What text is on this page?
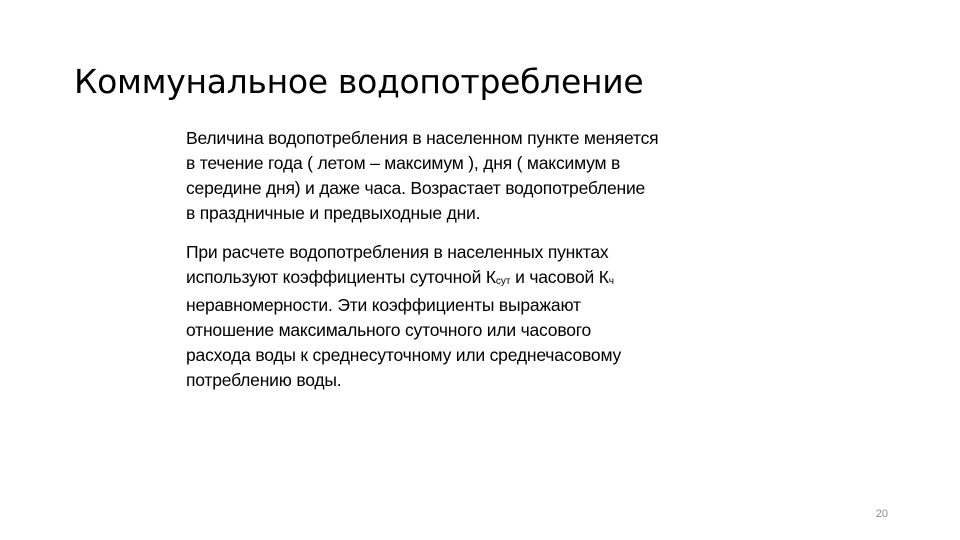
Коммунальное водопотребление

Величина водопотребления в населенном пункте меняется
в течение года ( летом – максимум ), дня ( максимум в
середине дня) и даже часа. Возрастает водопотребление
в праздничные и предвыходные дни.

При расчете водопотребления в населенных пунктах
используют коэффициенты суточной Ксут и часовой Кч
неравномерности. Эти коэффициенты выражают
отношение максимального суточного или часового
расхода воды к среднесуточному или среднечасовому
потреблению воды.

20
